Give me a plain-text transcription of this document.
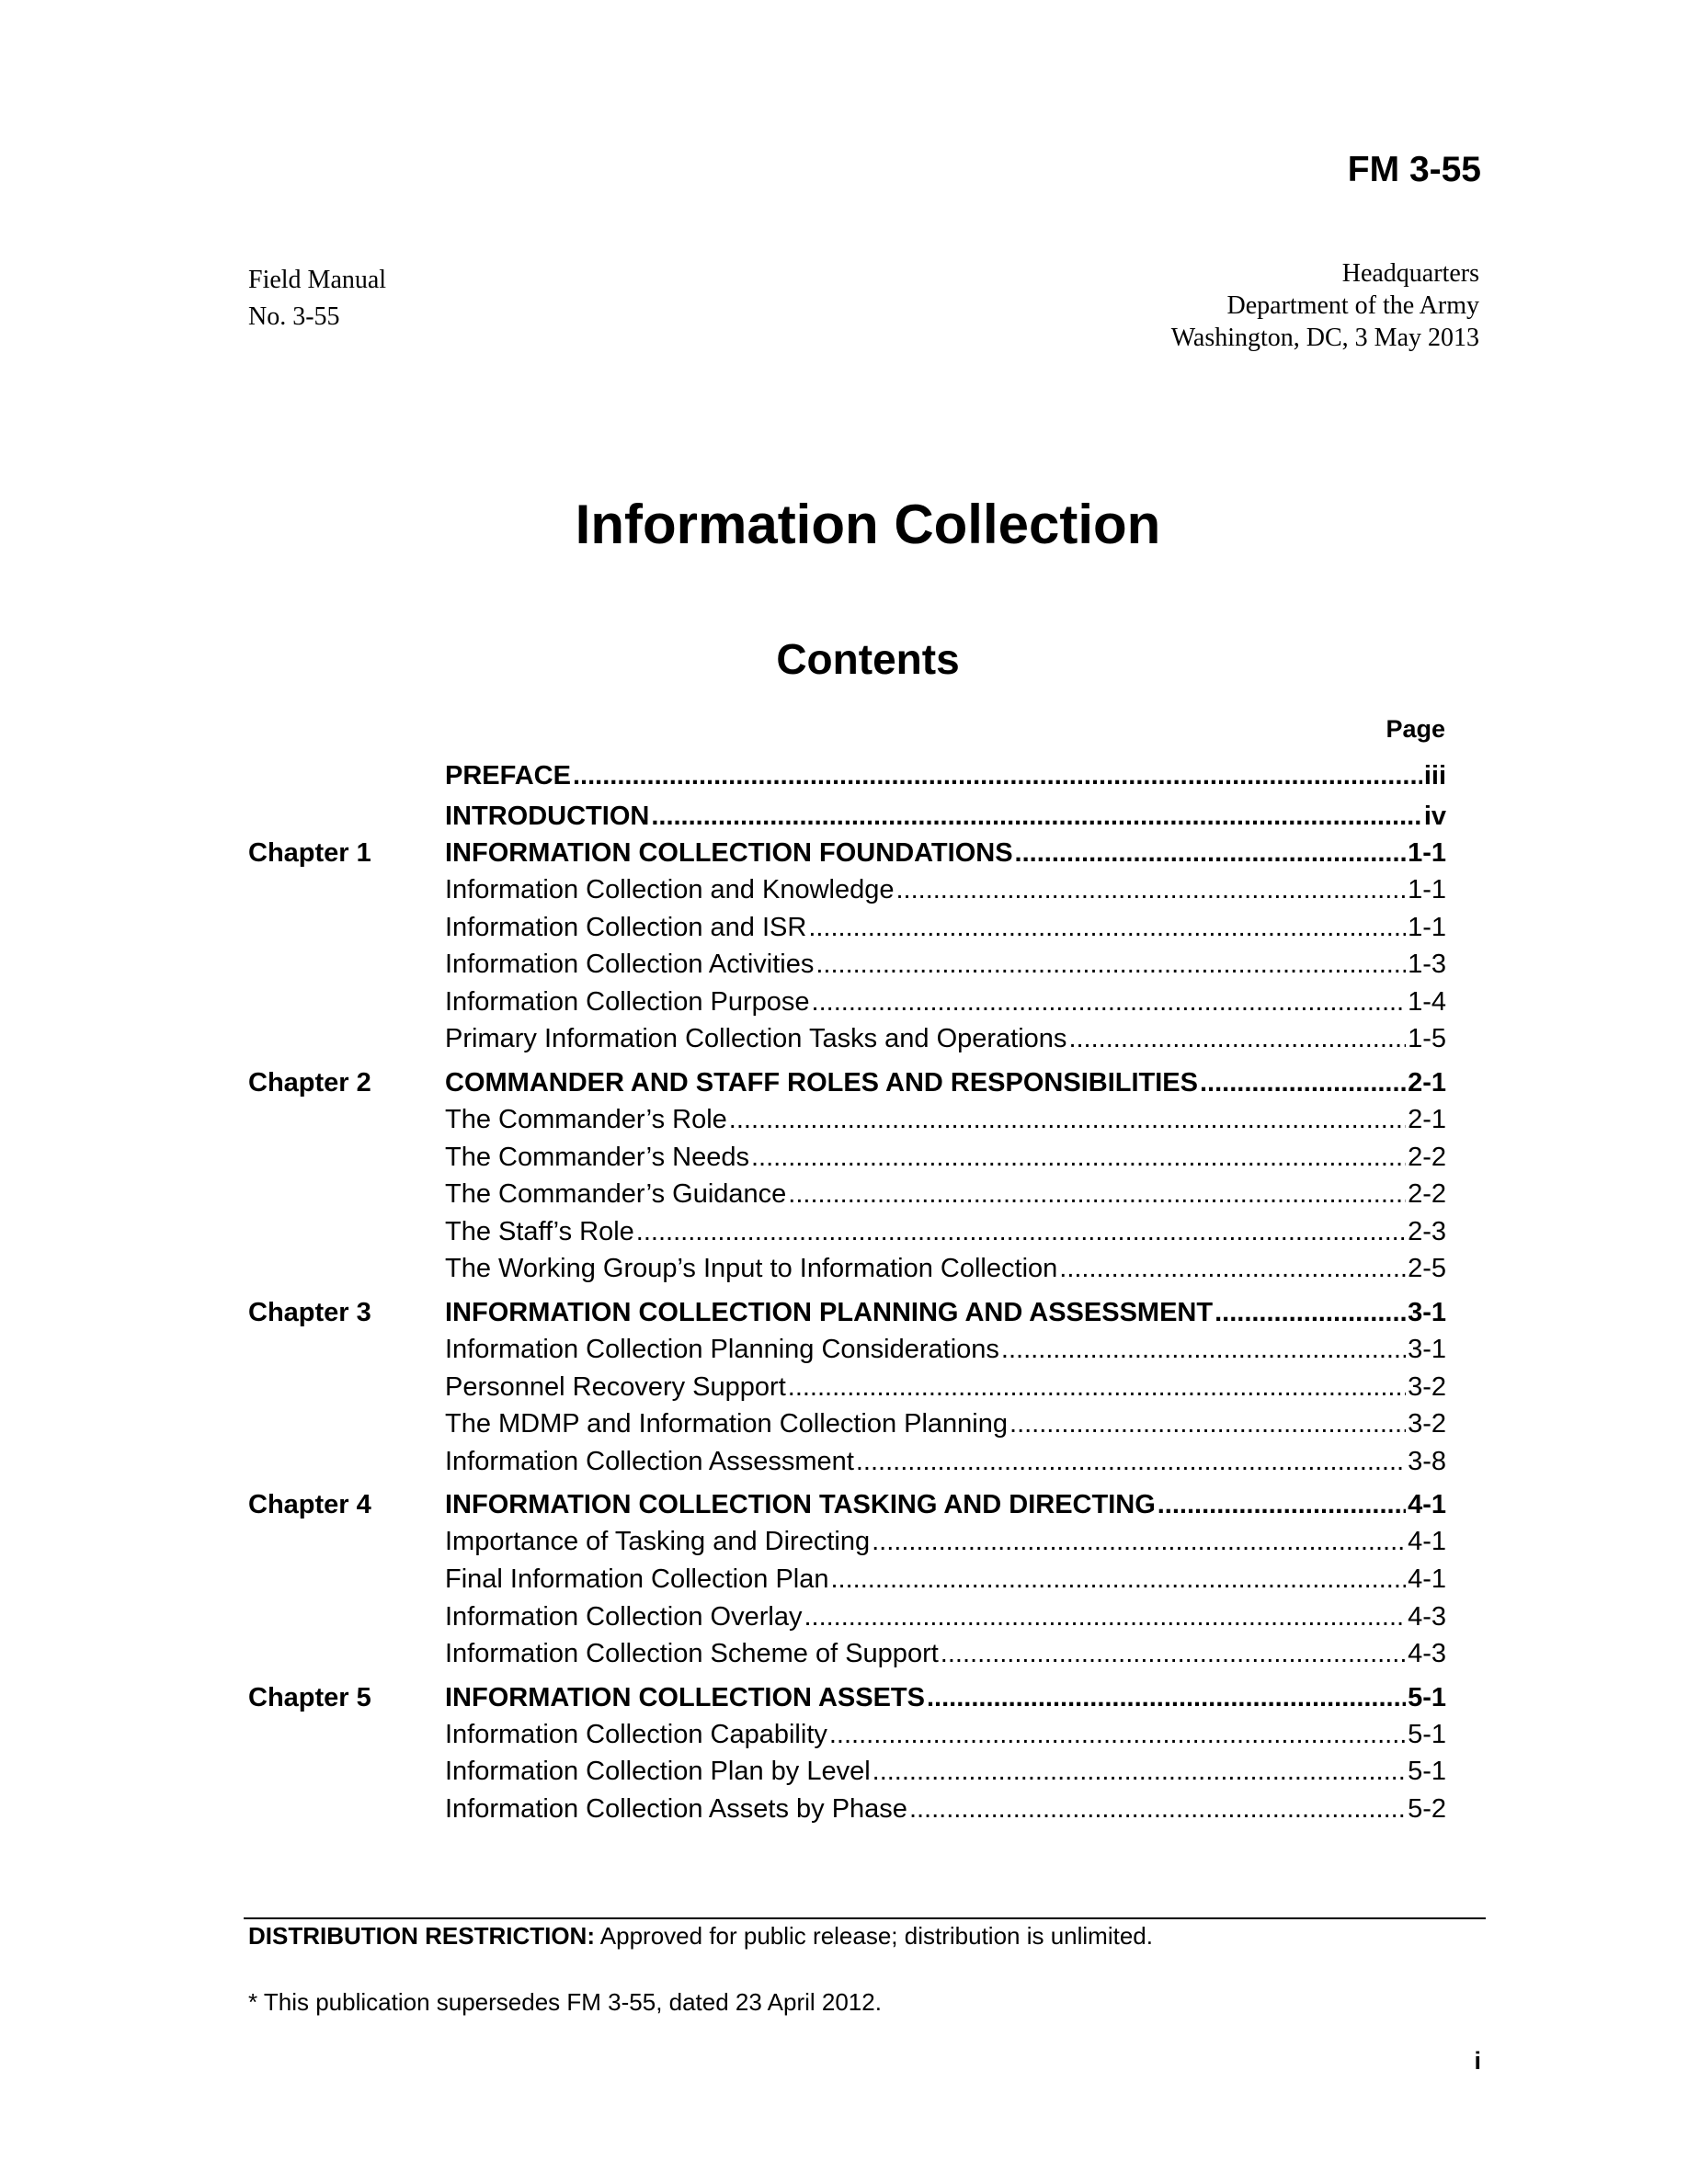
FM 3-55
Field Manual
No. 3-55
Headquarters
Department of the Army
Washington, DC, 3 May 2013
Information Collection
Contents
Page
PREFACE .....	iii
INTRODUCTION .....	iv
Chapter 1	INFORMATION COLLECTION FOUNDATIONS .....	1-1
Information Collection and Knowledge .....	1-1
Information Collection and ISR .....	1-1
Information Collection Activities .....	1-3
Information Collection Purpose .....	1-4
Primary Information Collection Tasks and Operations .....	1-5
Chapter 2	COMMANDER AND STAFF ROLES AND RESPONSIBILITIES .....	2-1
The Commander’s Role .....	2-1
The Commander’s Needs .....	2-2
The Commander’s Guidance .....	2-2
The Staff’s Role .....	2-3
The Working Group’s Input to Information Collection .....	2-5
Chapter 3	INFORMATION COLLECTION PLANNING AND ASSESSMENT .....	3-1
Information Collection Planning Considerations .....	3-1
Personnel Recovery Support .....	3-2
The MDMP and Information Collection Planning .....	3-2
Information Collection Assessment .....	3-8
Chapter 4	INFORMATION COLLECTION TASKING AND DIRECTING .....	4-1
Importance of Tasking and Directing .....	4-1
Final Information Collection Plan .....	4-1
Information Collection Overlay .....	4-3
Information Collection Scheme of Support .....	4-3
Chapter 5	INFORMATION COLLECTION ASSETS .....	5-1
Information Collection Capability .....	5-1
Information Collection Plan by Level .....	5-1
Information Collection Assets by Phase .....	5-2
DISTRIBUTION RESTRICTION: Approved for public release; distribution is unlimited.
* This publication supersedes FM 3-55, dated 23 April 2012.
i
